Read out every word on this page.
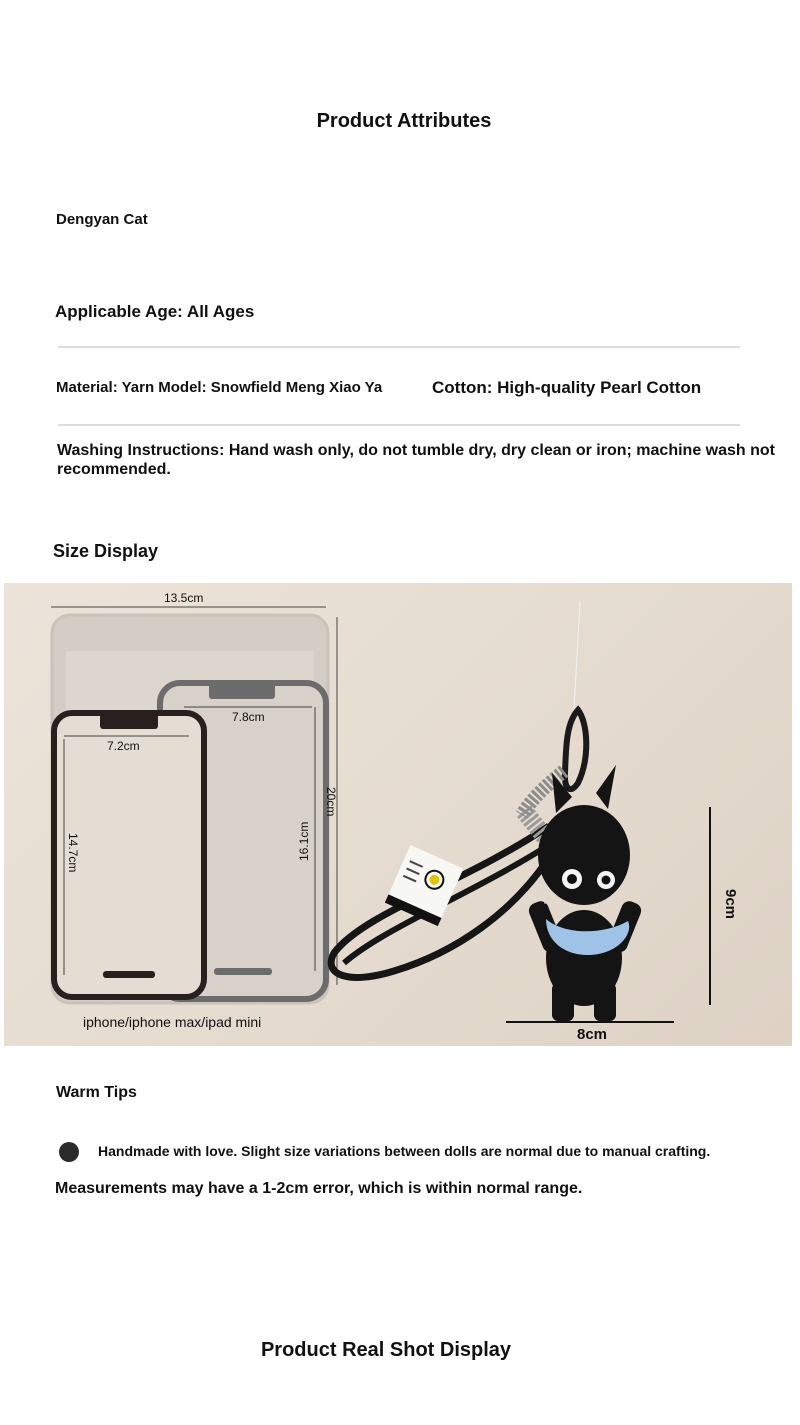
Product Attributes
Dengyan Cat
Applicable Age: All Ages
Material: Yarn Model: Snowfield Meng Xiao Ya	Cotton: High-quality Pearl Cotton
Washing Instructions: Hand wash only, do not tumble dry, dry clean or iron; machine wash not recommended.
Size Display
13.5cm
20cm
7.8cm
16.1cm
7.2cm
14.7cm
iphone/iphone max/ipad mini
9cm
8cm
Warm Tips
Handmade with love. Slight size variations between dolls are normal due to manual crafting.
Measurements may have a 1-2cm error, which is within normal range.
Product Real Shot Display
